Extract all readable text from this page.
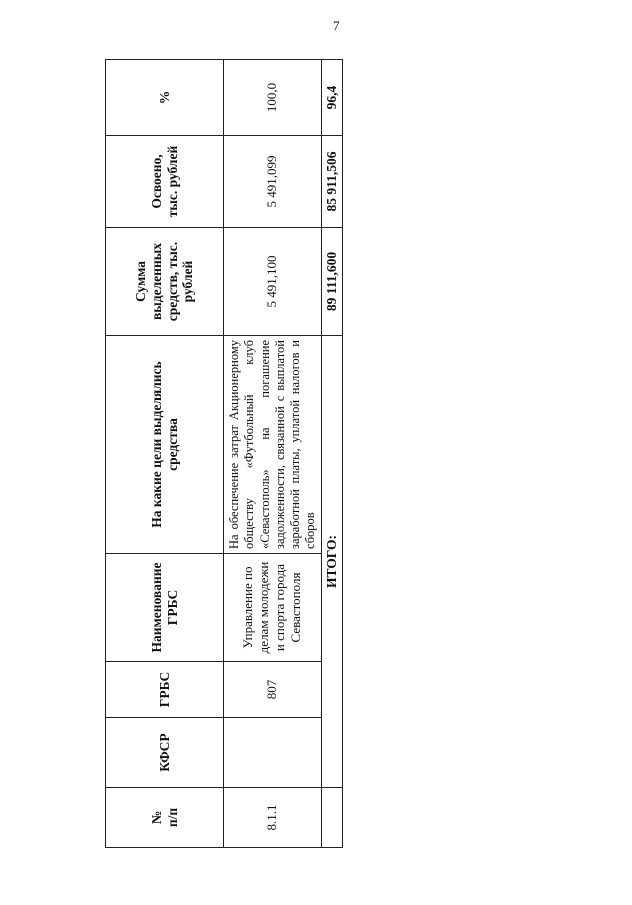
7
№
п/п	КФСР	ГРБС	Наименование ГРБС	На какие цели выделялись средства	Сумма выделенных средств, тыс. рублей	Освоено, тыс. рублей	%
8.1.1		807	Управление по делам молодежи и спорта города Севастополя	На обеспечение затрат Акционерному обществу «Футбольный клуб «Севастополь» на погашение задолженности, связанной с выплатой заработной платы, уплатой налогов и сборов	5 491,100	5 491,099	100,0
	ИТОГО:				89 111,600	85 911,506	96,4
